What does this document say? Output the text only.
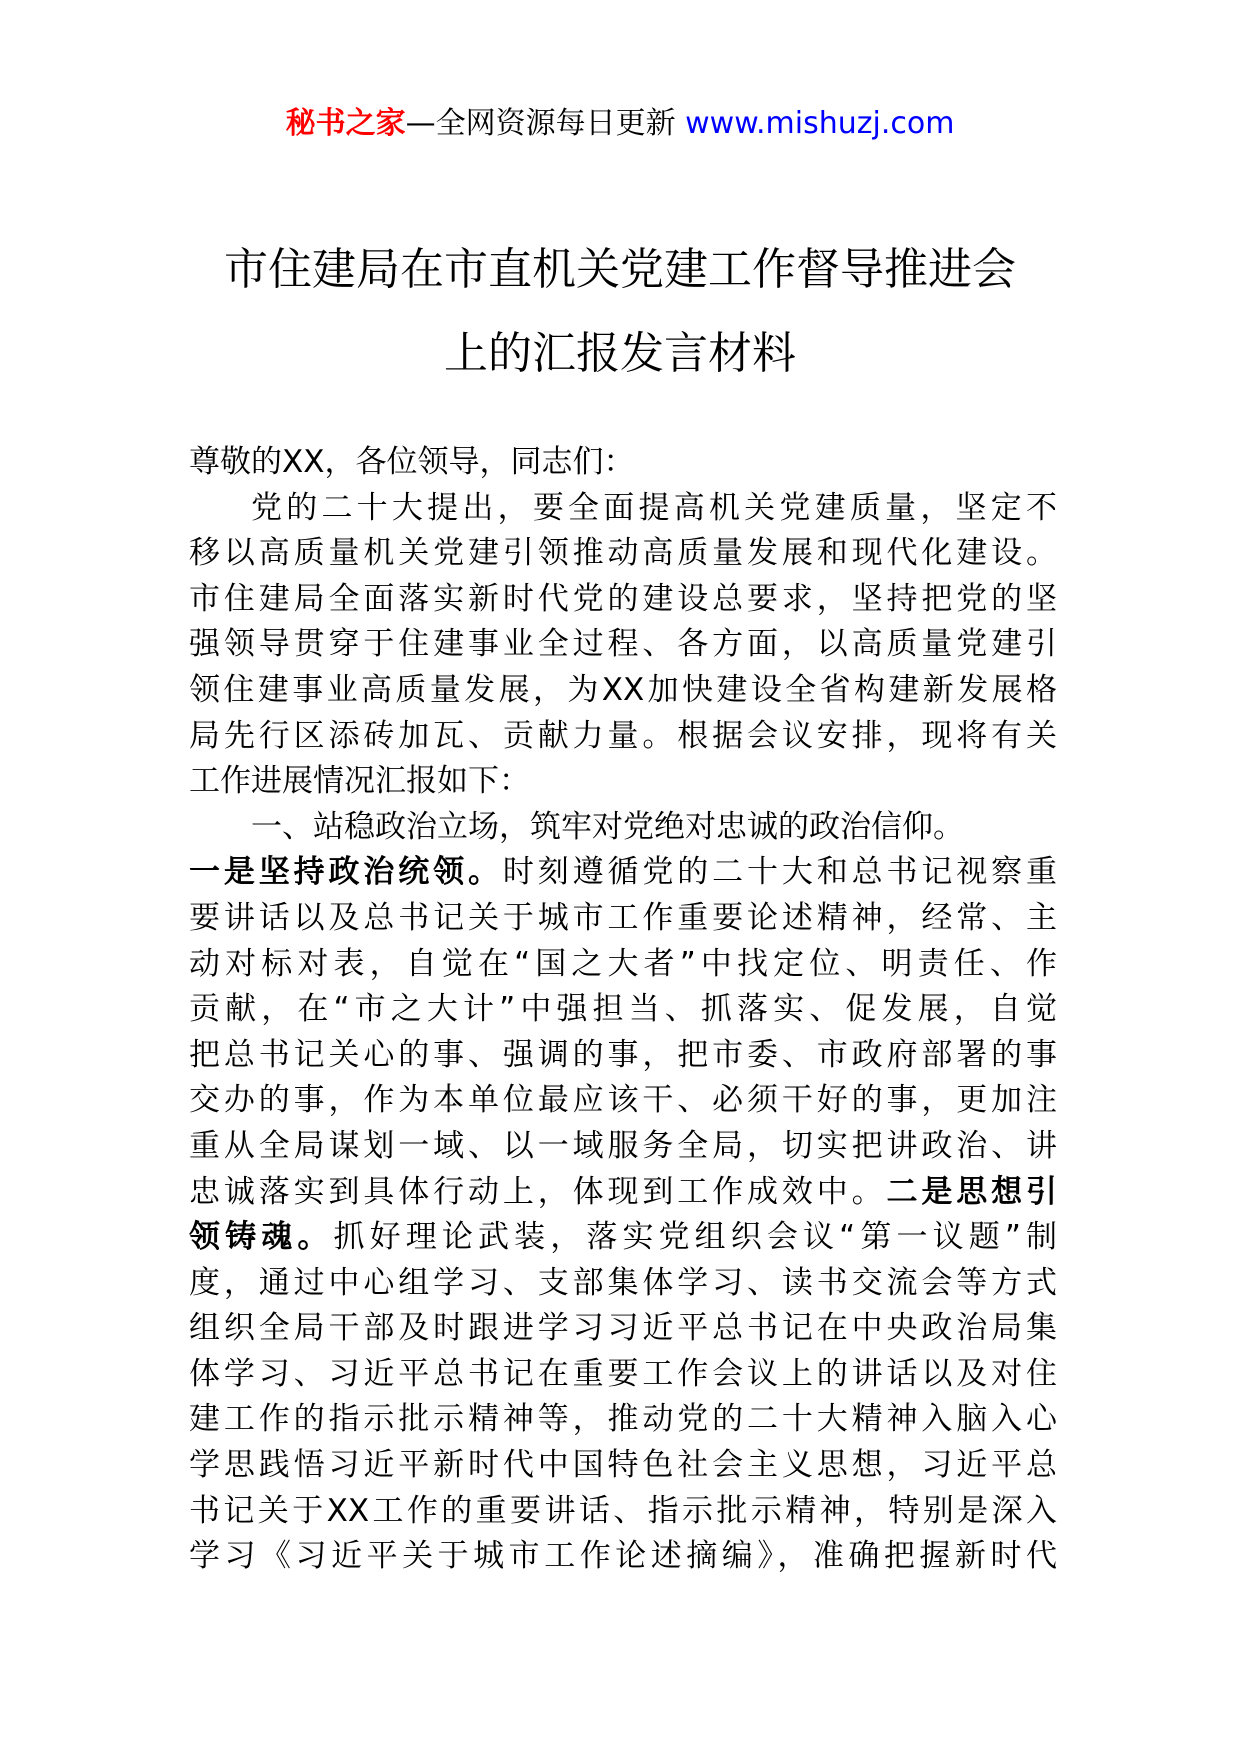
秘书之家—全网资源每日更新 www.mishuzj.com
市住建局在市直机关党建工作督导推进会
上的汇报发言材料

尊敬的XX，各位领导，同志们：

党的二十大提出，要全面提高机关党建质量，坚定不
移以高质量机关党建引领推动高质量发展和现代化建设。
市住建局全面落实新时代党的建设总要求，坚持把党的坚
强领导贯穿于住建事业全过程、各方面，以高质量党建引
领住建事业高质量发展，为XX加快建设全省构建新发展格
局先行区添砖加瓦、贡献力量。根据会议安排，现将有关
工作进展情况汇报如下：
一、站稳政治立场，筑牢对党绝对忠诚的政治信仰。
一是坚持政治统领。时刻遵循党的二十大和总书记视察重
要讲话以及总书记关于城市工作重要论述精神，经常、主
动对标对表，自觉在“国之大者”中找定位、明责任、作
贡献，在“市之大计”中强担当、抓落实、促发展，自觉
把总书记关心的事、强调的事，把市委、市政府部署的事
交办的事，作为本单位最应该干、必须干好的事，更加注
重从全局谋划一域、以一域服务全局，切实把讲政治、讲
忠诚落实到具体行动上，体现到工作成效中。二是思想引
领铸魂。抓好理论武装，落实党组织会议“第一议题”制
度，通过中心组学习、支部集体学习、读书交流会等方式
组织全局干部及时跟进学习习近平总书记在中央政治局集
体学习、习近平总书记在重要工作会议上的讲话以及对住
建工作的指示批示精神等，推动党的二十大精神入脑入心
学思践悟习近平新时代中国特色社会主义思想，习近平总
书记关于XX工作的重要讲话、指示批示精神，特别是深入
学习《习近平关于城市工作论述摘编》，准确把握新时代
